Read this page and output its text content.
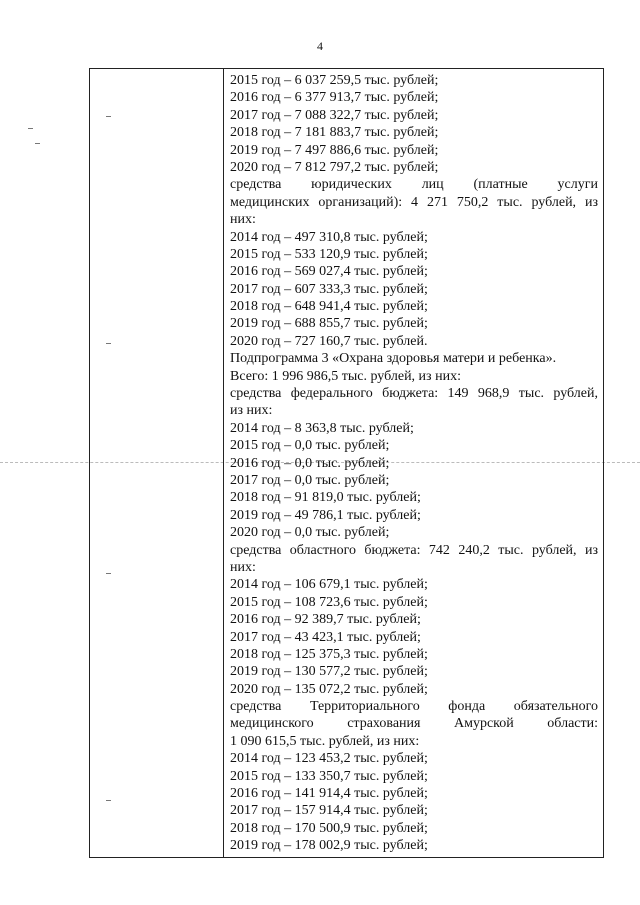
4
2015 год – 6 037 259,5 тыс. рублей;
2016 год – 6 377 913,7 тыс. рублей;
2017 год – 7 088 322,7 тыс. рублей;
2018 год – 7 181 883,7 тыс. рублей;
2019 год – 7 497 886,6 тыс. рублей;
2020 год – 7 812 797,2 тыс. рублей;
средства юридических лиц (платные услуги
медицинских организаций): 4 271 750,2 тыс. рублей, из
них:
2014 год – 497 310,8 тыс. рублей;
2015 год – 533 120,9 тыс. рублей;
2016 год – 569 027,4 тыс. рублей;
2017 год – 607 333,3 тыс. рублей;
2018 год – 648 941,4 тыс. рублей;
2019 год – 688 855,7 тыс. рублей;
2020 год – 727 160,7 тыс. рублей.
Подпрограмма 3 «Охрана здоровья матери и ребенка».
Всего: 1 996 986,5 тыс. рублей, из них:
средства федерального бюджета: 149 968,9 тыс. рублей,
из них:
2014 год – 8 363,8 тыс. рублей;
2015 год – 0,0 тыс. рублей;
2016 год – 0,0 тыс. рублей;
2017 год – 0,0 тыс. рублей;
2018 год – 91 819,0 тыс. рублей;
2019 год – 49 786,1 тыс. рублей;
2020 год – 0,0 тыс. рублей;
средства областного бюджета: 742 240,2 тыс. рублей, из
них:
2014 год – 106 679,1 тыс. рублей;
2015 год – 108 723,6 тыс. рублей;
2016 год – 92 389,7 тыс. рублей;
2017 год – 43 423,1 тыс. рублей;
2018 год – 125 375,3 тыс. рублей;
2019 год – 130 577,2 тыс. рублей;
2020 год – 135 072,2 тыс. рублей;
средства Территориального фонда обязательного
медицинского страхования Амурской области:
1 090 615,5 тыс. рублей, из них:
2014 год – 123 453,2 тыс. рублей;
2015 год – 133 350,7 тыс. рублей;
2016 год – 141 914,4 тыс. рублей;
2017 год – 157 914,4 тыс. рублей;
2018 год – 170 500,9 тыс. рублей;
2019 год – 178 002,9 тыс. рублей;
